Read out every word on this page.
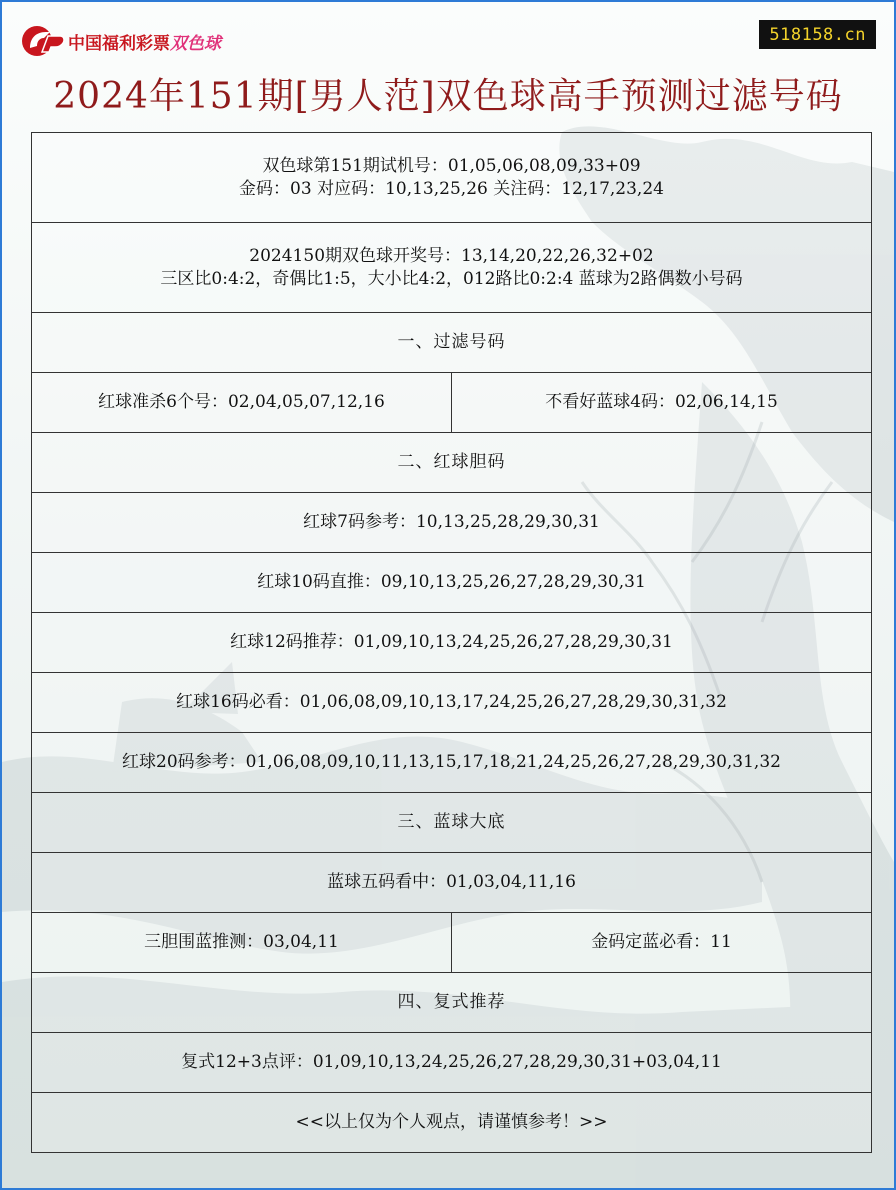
中国福利彩票双色球	518158.cn
2024年151期[男人范]双色球高手预测过滤号码
双色球第151期试机号：01,05,06,08,09,33+09
金码：03 对应码：10,13,25,26 关注码：12,17,23,24	

2024150期双色球开奖号：13,14,20,22,26,32+02
三区比0:4:2，奇偶比1:5，大小比4:2，012路比0:2:4 蓝球为2路偶数小号码	

一、过滤号码	
红球准杀6个号：02,04,05,07,12,16	不看好蓝球4码：02,06,14,15
二、红球胆码	
红球7码参考：10,13,25,28,29,30,31	
红球10码直推：09,10,13,25,26,27,28,29,30,31	
红球12码推荐：01,09,10,13,24,25,26,27,28,29,30,31	
红球16码必看：01,06,08,09,10,13,17,24,25,26,27,28,29,30,31,32	
红球20码参考：01,06,08,09,10,11,13,15,17,18,21,24,25,26,27,28,29,30,31,32	
三、蓝球大底	
蓝球五码看中：01,03,04,11,16	
三胆围蓝推测：03,04,11	金码定蓝必看：11
四、复式推荐	
复式12+3点评：01,09,10,13,24,25,26,27,28,29,30,31+03,04,11	
<<以上仅为个人观点，请谨慎参考！>>	
